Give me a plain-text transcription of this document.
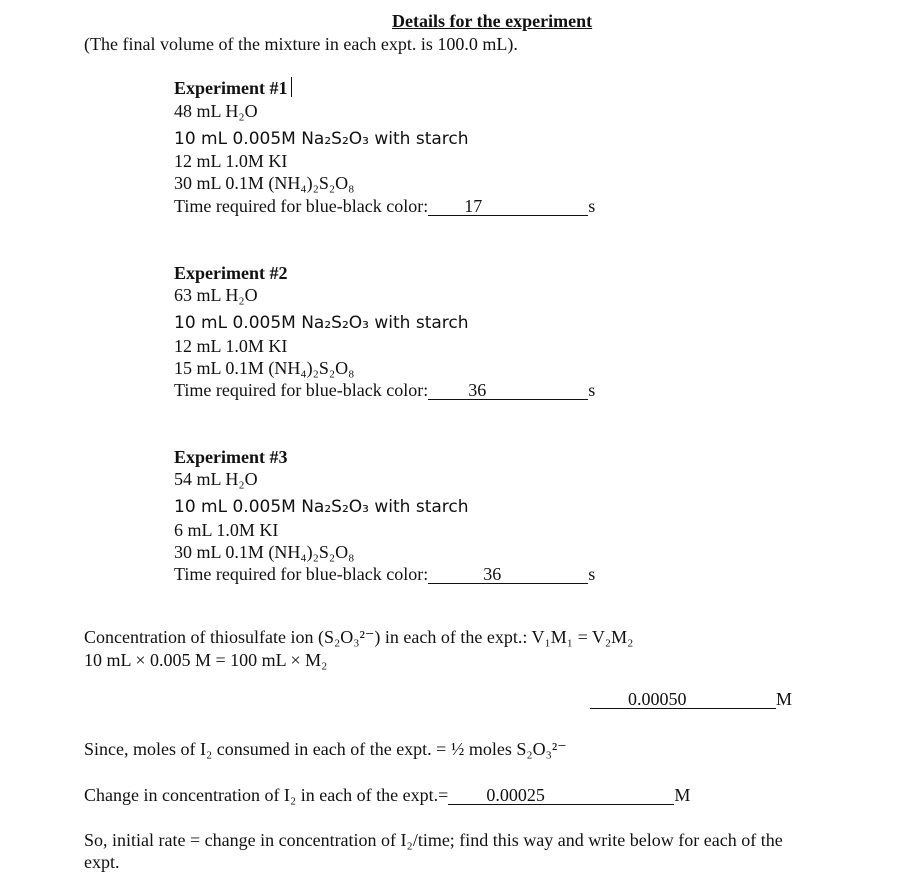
Details for the experiment
(The final volume of the mixture in each expt. is 100.0 mL).
Experiment #1
48 mL H₂O
10 mL 0.005M Na₂S₂O₃ with starch
12 mL 1.0M KI
30 mL 0.1M (NH₄)₂S₂O₈
Time required for blue-black color: 17	s
Experiment #2
63 mL H₂O
10 mL 0.005M Na₂S₂O₃ with starch
12 mL 1.0M KI
15 mL 0.1M (NH₄)₂S₂O₈
Time required for blue-black color: 36	s
Experiment #3
54 mL H₂O
10 mL 0.005M Na₂S₂O₃ with starch
6 mL 1.0M KI
30 mL 0.1M (NH₄)₂S₂O₈
Time required for blue-black color:	36	s
Concentration of thiosulfate ion (S₂O₃²⁻) in each of the expt.: V₁M₁ = V₂M₂
10 mL × 0.005 M = 100 mL × M₂
0.00050	M
Since, moles of I₂ consumed in each of the expt. = ½ moles S₂O₃²⁻
Change in concentration of I₂ in each of the expt.= 0.00025	M
So, initial rate = change in concentration of I₂/time; find this way and write below for each of the
expt.
